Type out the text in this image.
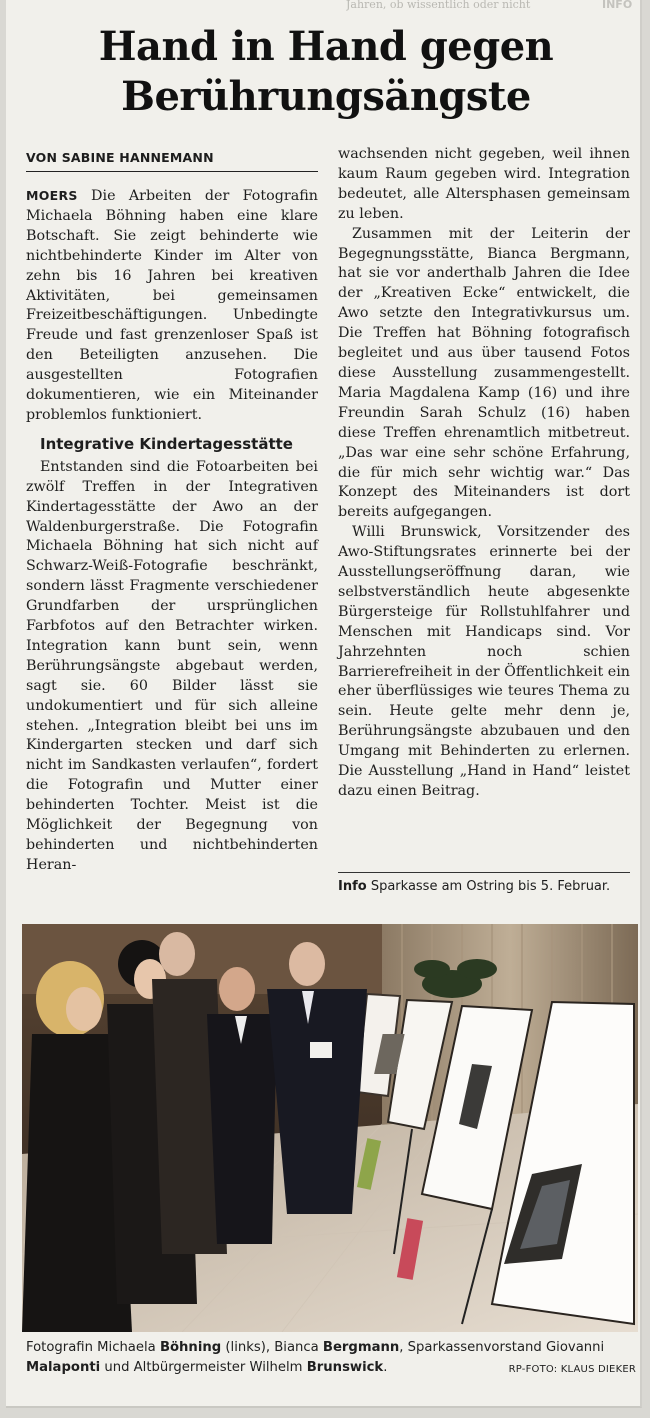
Jahren, ob wissentlich oder nicht	INFO
Hand in Hand gegen
Berührungsängste
VON SABINE HANNEMANN

MOERS Die Arbeiten der Fotografin Michaela Böhning haben eine klare Botschaft. Sie zeigt behinderte wie nichtbehinderte Kinder im Alter von zehn bis 16 Jahren bei kreativen Aktivitäten, bei gemeinsamen Freizeitbeschäftigungen. Unbedingte Freude und fast grenzenloser Spaß ist den Beteiligten anzusehen. Die ausgestellten Fotografien dokumentieren, wie ein Miteinander problemlos funktioniert.

Integrative Kindertagesstätte

Entstanden sind die Fotoarbeiten bei zwölf Treffen in der Integrativen Kindertagesstätte der Awo an der Waldenburgerstraße. Die Fotografin Michaela Böhning hat sich nicht auf Schwarz-Weiß-Fotografie beschränkt, sondern lässt Fragmente verschiedener Grundfarben der ursprünglichen Farbfotos auf den Betrachter wirken. Integration kann bunt sein, wenn Berührungsängste abgebaut werden, sagt sie. 60 Bilder lässt sie undokumentiert und für sich alleine stehen. „Integration bleibt bei uns im Kindergarten stecken und darf sich nicht im Sandkasten verlaufen“, fordert die Fotografin und Mutter einer behinderten Tochter. Meist ist die Möglichkeit der Begegnung von behinderten und nichtbehinderten Heran-

wachsenden nicht gegeben, weil ihnen kaum Raum gegeben wird. Integration bedeutet, alle Altersphasen gemeinsam zu leben.

Zusammen mit der Leiterin der Begegnungsstätte, Bianca Bergmann, hat sie vor anderthalb Jahren die Idee der „Kreativen Ecke“ entwickelt, die Awo setzte den Integrativkursus um. Die Treffen hat Böhning fotografisch begleitet und aus über tausend Fotos diese Ausstellung zusammengestellt. Maria Magdalena Kamp (16) und ihre Freundin Sarah Schulz (16) haben diese Treffen ehrenamtlich mitbetreut. „Das war eine sehr schöne Erfahrung, die für mich sehr wichtig war.“ Das Konzept des Miteinanders ist dort bereits aufgegangen.

Willi Brunswick, Vorsitzender des Awo-Stiftungsrates erinnerte bei der Ausstellungseröffnung daran, wie selbstverständlich heute abgesenkte Bürgersteige für Rollstuhlfahrer und Menschen mit Handicaps sind. Vor Jahrzehnten noch schien Barrierefreiheit in der Öffentlichkeit ein eher überflüssiges wie teures Thema zu sein. Heute gelte mehr denn je, Berührungsängste abzubauen und den Umgang mit Behinderten zu erlernen. Die Ausstellung „Hand in Hand“ leistet dazu einen Beitrag.

Info Sparkasse am Ostring bis 5. Februar.
Fotografin Michaela Böhning (links), Bianca Bergmann, Sparkassenvorstand Giovanni Malaponti und Altbürgermeister Wilhelm Brunswick.	RP-FOTO: KLAUS DIEKER
